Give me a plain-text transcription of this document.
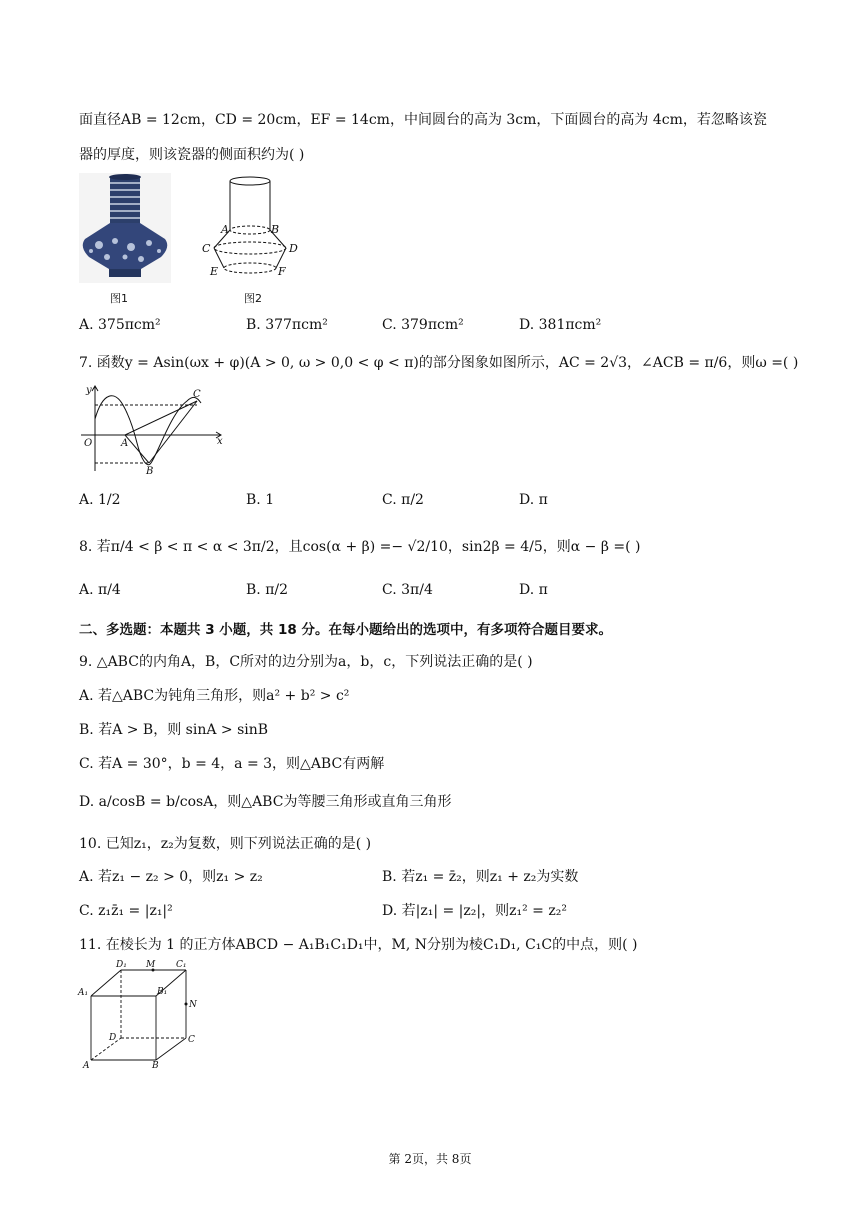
面直径AB = 12cm，CD = 20cm，EF = 14cm，中间圆台的高为 3cm，下面圆台的高为 4cm，若忽略该瓷
器的厚度，则该瓷器的侧面积约为( )
图1
A	B
C	D
E	F
图2
A. 375πcm²	B. 377πcm²	C. 379πcm²	D. 381πcm²
7. 函数y = Asin(ωx + φ)(A > 0, ω > 0,0 < φ < π)的部分图象如图所示，AC = 2√3，∠ACB = π/6，则ω =( )
y
O	A	x
B
C
A. 1/2	B. 1	C. π/2	D. π
8. 若π/4 < β < π < α < 3π/2，且cos(α + β) =− √2/10，sin2β = 4/5，则α − β =( )
A. π/4	B. π/2	C. 3π/4	D. π
二、多选题：本题共 3 小题，共 18 分。在每小题给出的选项中，有多项符合题目要求。
9. △ABC的内角A，B，C所对的边分别为a，b，c，下列说法正确的是( )
A. 若△ABC为钝角三角形，则a² + b² > c²
B. 若A > B，则 sinA > sinB
C. 若A = 30°，b = 4，a = 3，则△ABC有两解
D. a/cosB = b/cosA，则△ABC为等腰三角形或直角三角形
10. 已知z₁，z₂为复数，则下列说法正确的是( )
A. 若z₁ − z₂ > 0，则z₁ > z₂	B. 若z₁ = z̄₂，则z₁ + z₂为实数
C. z₁z̄₁ = |z₁|²	D. 若|z₁| = |z₂|，则z₁² = z₂²
11. 在棱长为 1 的正方体ABCD − A₁B₁C₁D₁中，M, N分别为棱C₁D₁, C₁C的中点，则( )
D₁ M C₁
A₁	B₁
N
D	C
A	B
第 2页，共 8页
